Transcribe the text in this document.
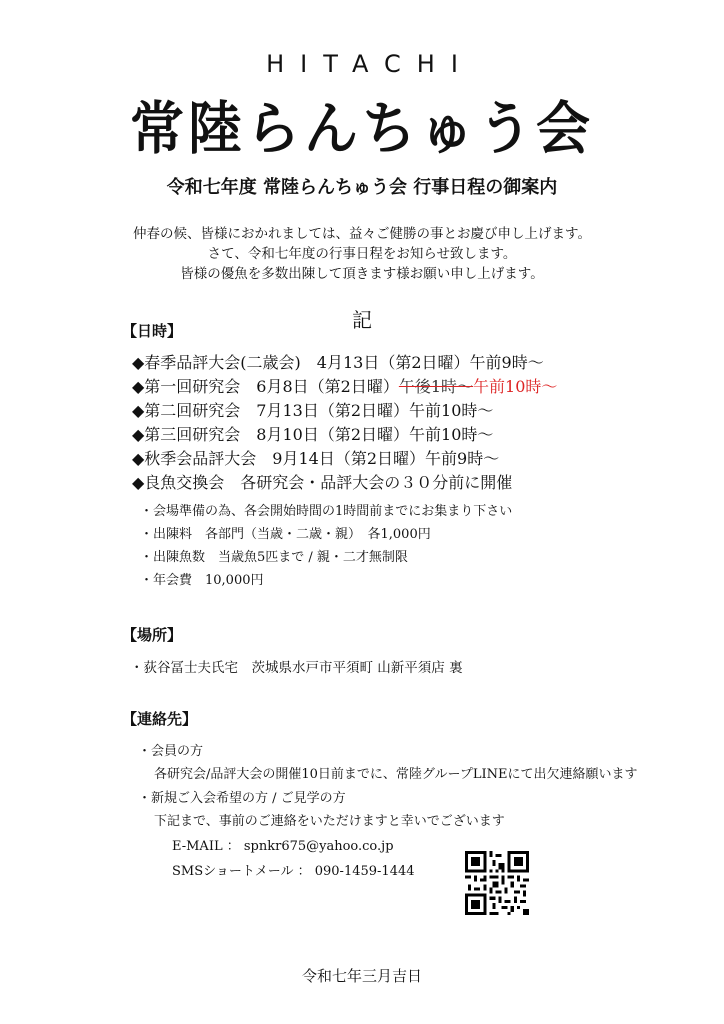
HITACHI
常陸らんちゅう会
令和七年度 常陸らんちゅう会 行事日程の御案内
仲春の候、皆様におかれましては、益々ご健勝の事とお慶び申し上げます。
さて、令和七年度の行事日程をお知らせ致します。
皆様の優魚を多数出陳して頂きます様お願い申し上げます。
記
【日時】
◆春季品評大会(二歳会)　4月13日（第2日曜）午前9時～
◆第一回研究会　6月8日（第2日曜）午後1時～午前10時～
◆第二回研究会　7月13日（第2日曜）午前10時～
◆第三回研究会　8月10日（第2日曜）午前10時～
◆秋季会品評大会　9月14日（第2日曜）午前9時～
◆良魚交換会　各研究会・品評大会の３０分前に開催
・会場準備の為、各会開始時間の1時間前までにお集まり下さい
・出陳料　各部門（当歳・二歳・親）　各1,000円
・出陳魚数　当歳魚5匹まで / 親・二才無制限
・年会費　10,000円
【場所】
・荻谷冨士夫氏宅　茨城県水戸市平須町 山新平須店 裏
【連絡先】
・会員の方
各研究会/品評大会の開催10日前までに、常陸グループLINEにて出欠連絡願います
・新規ご入会希望の方 / ご見学の方
下記まで、事前のご連絡をいただけますと幸いでございます
E-MAIL ： spnkr675@yahoo.co.jp
SMSショートメール ： 090-1459-1444
令和七年三月吉日
